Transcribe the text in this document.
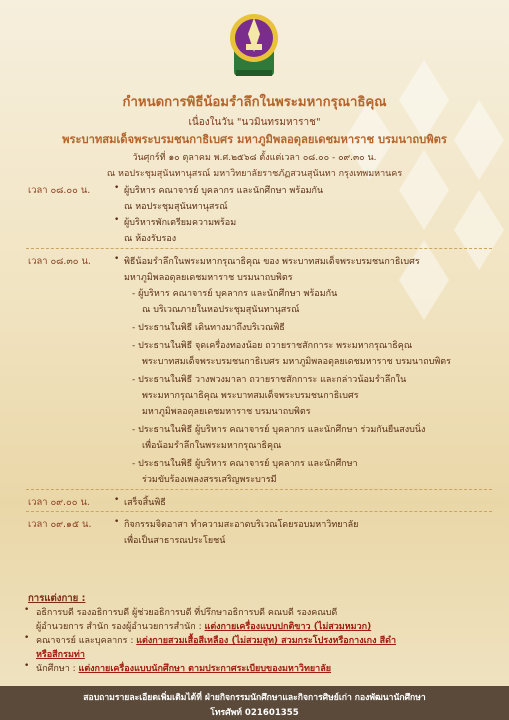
กำหนดการพิธีน้อมรำลึกในพระมหากรุณาธิคุณ
เนื่องในวัน "นวมินทรมหาราช"
พระบาทสมเด็จพระบรมชนกาธิเบศร มหาภูมิพลอดุลยเดชมหาราช บรมนาถบพิตร
วันศุกร์ที่ ๑๐ ตุลาคม พ.ศ.๒๕๖๘ ตั้งแต่เวลา ๐๘.๐๐ - ๐๙.๓๐ น.
ณ หอประชุมสุนันทานุสรณ์ มหาวิทยาลัยราชภัฏสวนสุนันทา กรุงเทพมหานคร
เวลา ๐๘.๐๐ น.	• ผู้บริหาร คณาจารย์ บุคลากร และนักศึกษา พร้อมกัน
ณ หอประชุมสุนันทานุสรณ์
• ผู้บริหารพักเตรียมความพร้อม
ณ ห้องรับรอง
เวลา ๐๘.๓๐ น.	• พิธีน้อมรำลึกในพระมหากรุณาธิคุณ ของ พระบาทสมเด็จพระบรมชนกาธิเบศร
มหาภูมิพลอดุลยเดชมหาราช บรมนาถบพิตร
- ผู้บริหาร คณาจารย์ บุคลากร และนักศึกษา พร้อมกัน
ณ บริเวณภายในหอประชุมสุนันทานุสรณ์
- ประธานในพิธี เดินทางมาถึงบริเวณพิธี
- ประธานในพิธี จุดเครื่องทองน้อย ถวายราชสักการะ พระมหากรุณาธิคุณ
พระบาทสมเด็จพระบรมชนกาธิเบศร มหาภูมิพลอดุลยเดชมหาราช บรมนาถบพิตร
- ประธานในพิธี วางพวงมาลา ถวายราชสักการะ และกล่าวน้อมรำลึกใน
พระมหากรุณาธิคุณ พระบาทสมเด็จพระบรมชนกาธิเบศร
มหาภูมิพลอดุลยเดชมหาราช บรมนาถบพิตร
- ประธานในพิธี ผู้บริหาร คณาจารย์ บุคลากร และนักศึกษา ร่วมกันยืนสงบนิ่ง
เพื่อน้อมรำลึกในพระมหากรุณาธิคุณ
- ประธานในพิธี ผู้บริหาร คณาจารย์ บุคลากร และนักศึกษา
ร่วมขับร้องเพลงสรรเสริญพระบารมี
เวลา ๐๙.๐๐ น.	• เสร็จสิ้นพิธี
เวลา ๐๙.๑๕ น.	• กิจกรรมจิตอาสา ทำความสะอาดบริเวณโดยรอบมหาวิทยาลัย
เพื่อเป็นสาธารณประโยชน์
การแต่งกาย :
• อธิการบดี รองอธิการบดี ผู้ช่วยอธิการบดี ที่ปรึกษาอธิการบดี คณบดี รองคณบดี
ผู้อำนวยการ สำนัก รองผู้อำนวยการสำนัก : แต่งกายเครื่องแบบปกติขาว (ไม่สวมหมวก)
• คณาจารย์ และบุคลากร : แต่งกายสวมเสื้อสีเหลือง (ไม่สวมสูท) สวมกระโปรงหรือกางเกง สีดำ
หรือสีกรมท่า
• นักศึกษา : แต่งกายเครื่องแบบนักศึกษา ตามประกาศระเบียบของมหาวิทยาลัย
สอบถามรายละเอียดเพิ่มเติมได้ที่ ฝ่ายกิจกรรมนักศึกษาและกิจการศิษย์เก่า กองพัฒนานักศึกษา
โทรศัพท์ 021601355
